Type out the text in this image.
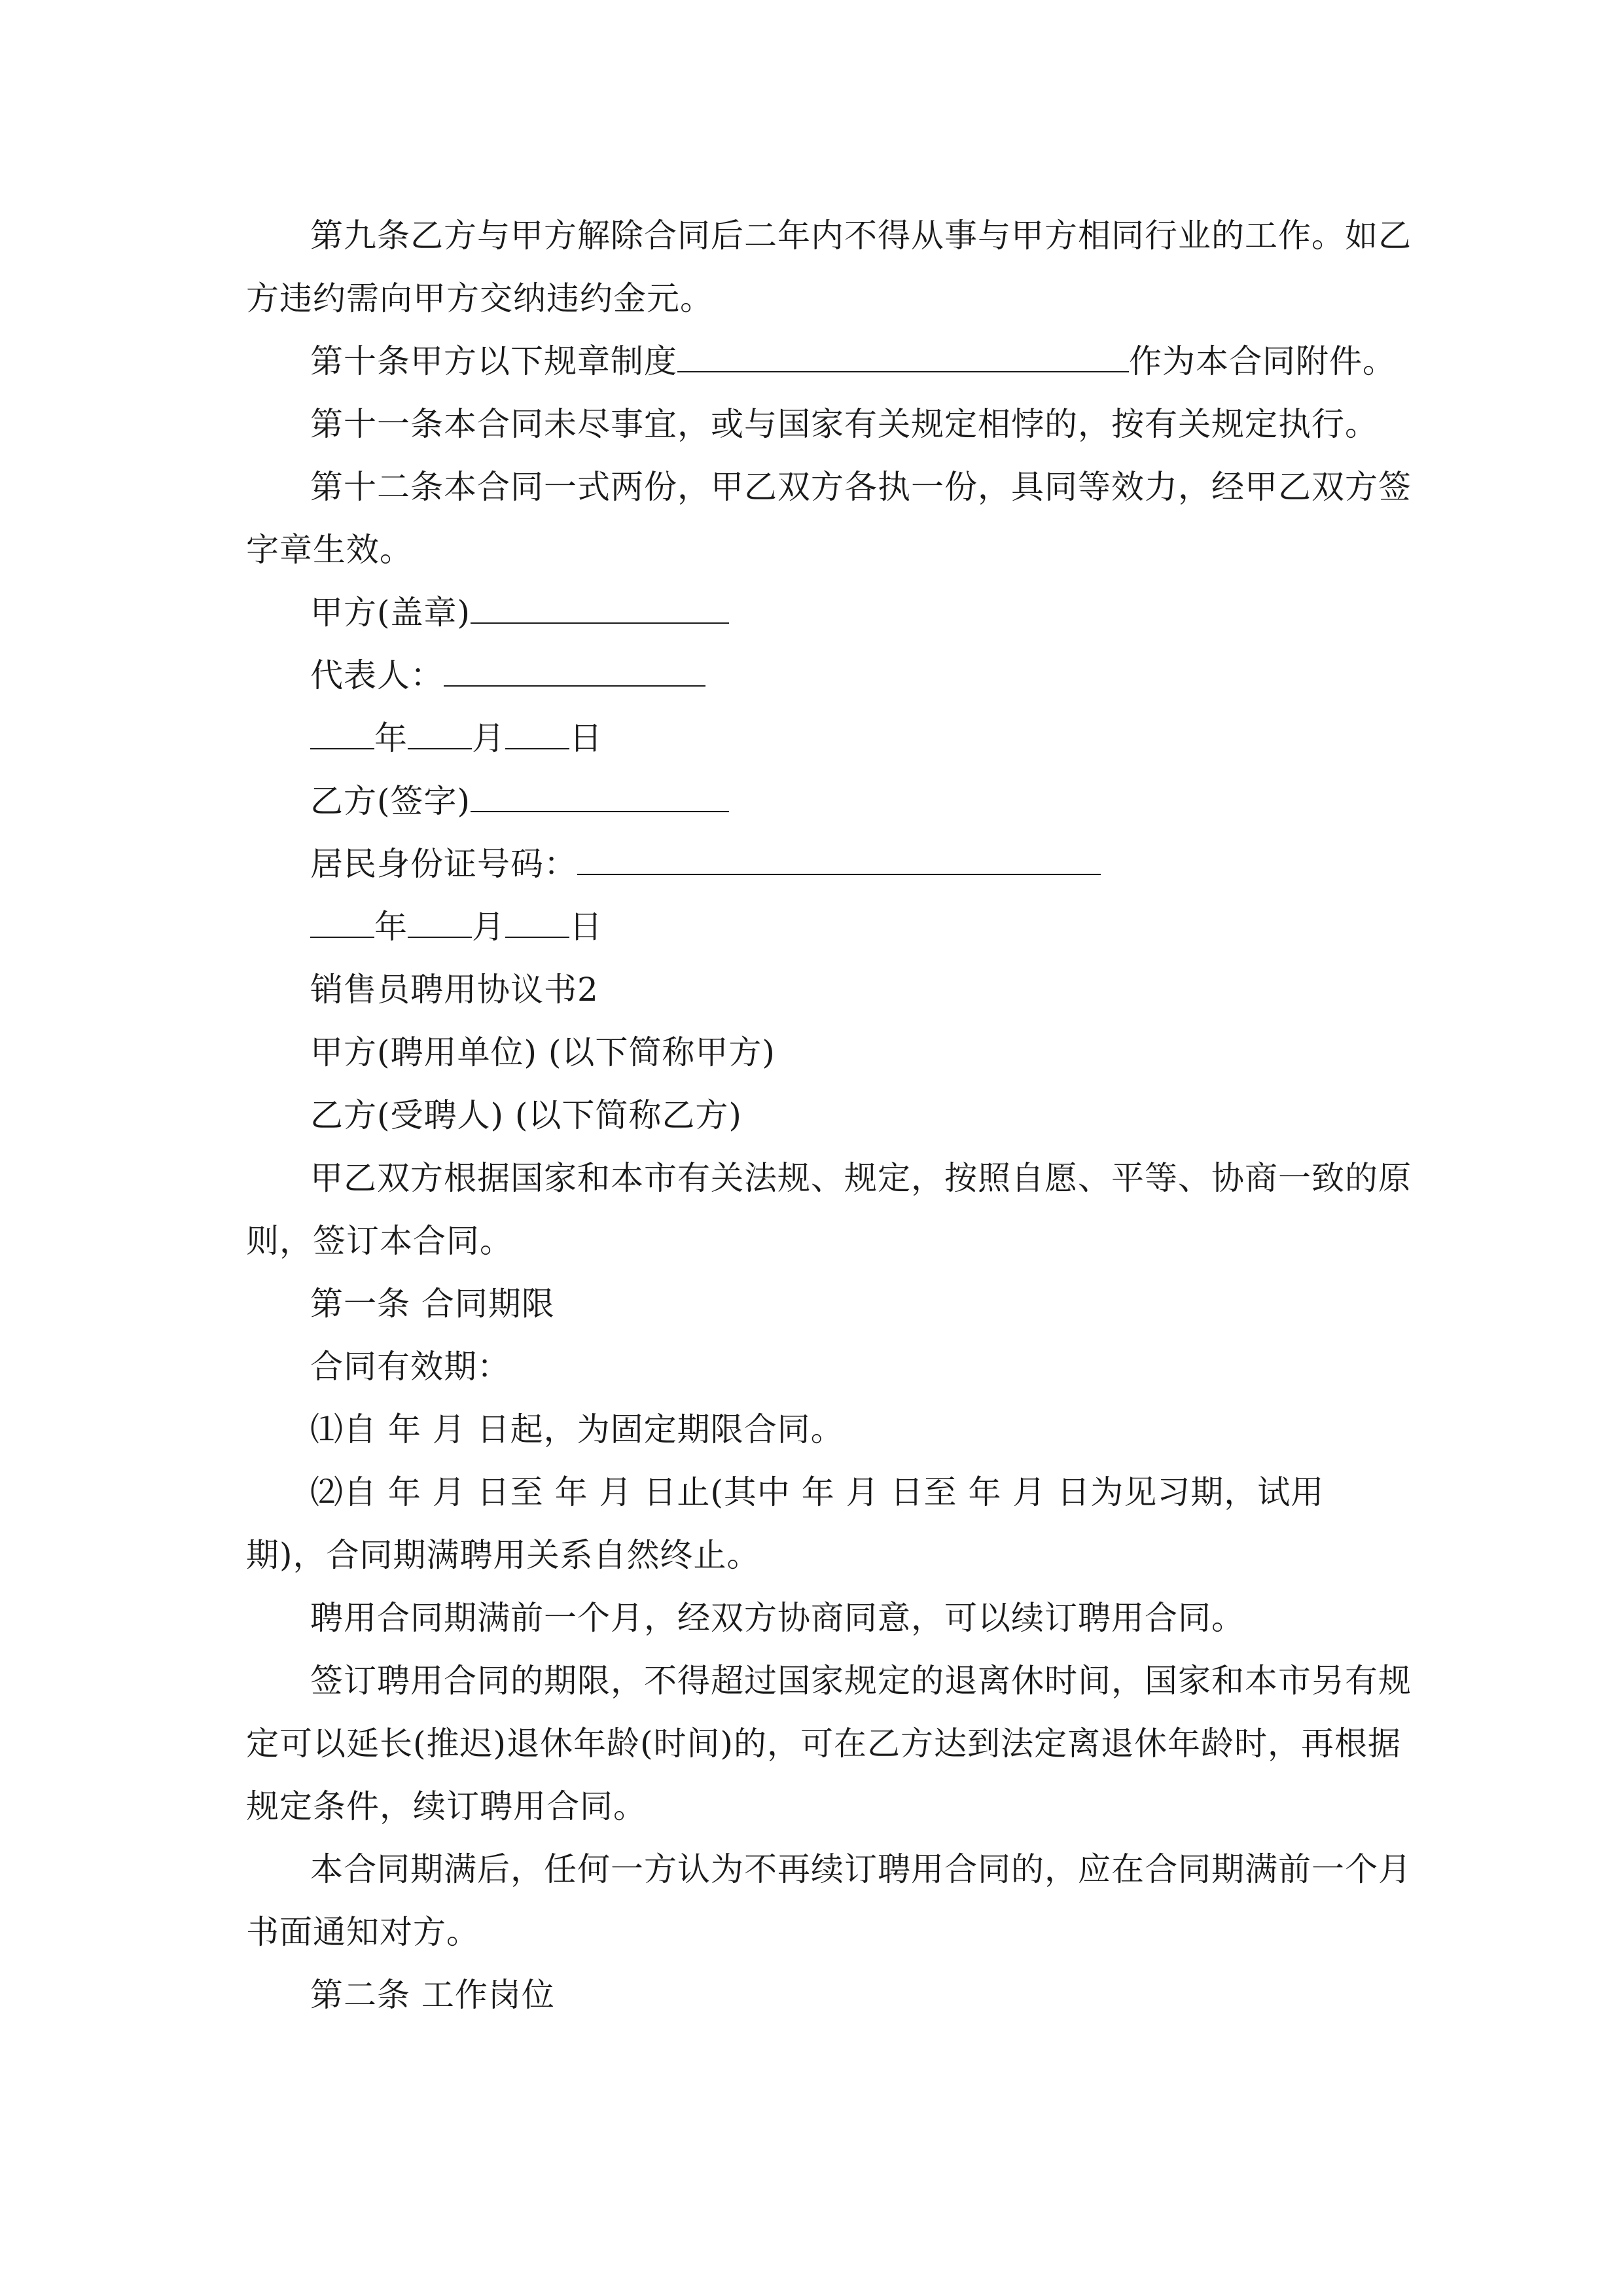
第九条乙方与甲方解除合同后二年内不得从事与甲方相同行业的工作。如乙

方违约需向甲方交纳违约金元。

第十条甲方以下规章制度	作为本合同附件。

第十一条本合同未尽事宜，或与国家有关规定相悖的，按有关规定执行。

第十二条本合同一式两份，甲乙双方各执一份，具同等效力，经甲乙双方签

字章生效。

甲方(盖章)

代表人：

年 月 日

乙方(签字)

居民身份证号码：

年 月 日

销售员聘用协议书2

甲方(聘用单位) (以下简称甲方)

乙方(受聘人) (以下简称乙方)

甲乙双方根据国家和本市有关法规、规定，按照自愿、平等、协商一致的原

则，签订本合同。

第一条 合同期限

合同有效期：

⑴自 年 月 日起，为固定期限合同。

⑵自 年 月 日至 年 月 日止(其中 年 月 日至 年 月 日为见习期，试用

期)，合同期满聘用关系自然终止。

聘用合同期满前一个月，经双方协商同意，可以续订聘用合同。

签订聘用合同的期限，不得超过国家规定的退离休时间，国家和本市另有规

定可以延长(推迟)退休年龄(时间)的，可在乙方达到法定离退休年龄时，再根据

规定条件，续订聘用合同。

本合同期满后，任何一方认为不再续订聘用合同的，应在合同期满前一个月

书面通知对方。

第二条 工作岗位
